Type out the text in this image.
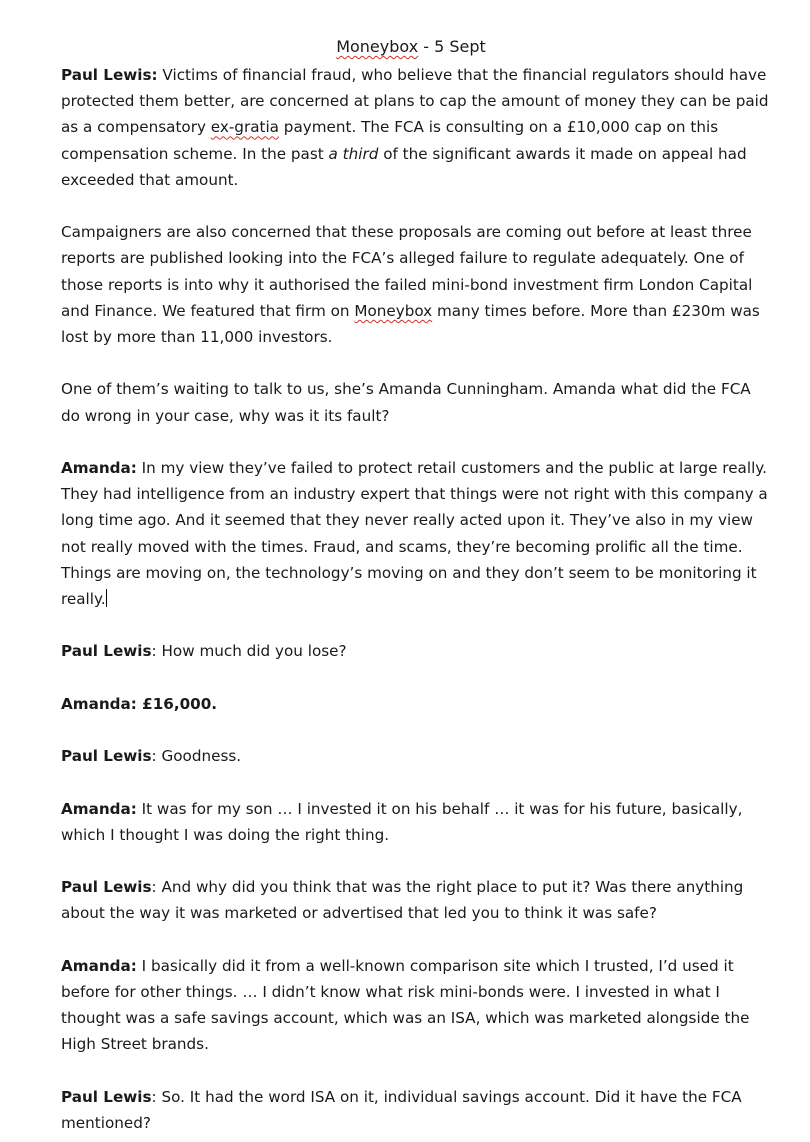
Moneybox - 5 Sept

Paul Lewis: Victims of financial fraud, who believe that the financial regulators should have protected them better, are concerned at plans to cap the amount of money they can be paid as a compensatory ex-gratia payment. The FCA is consulting on a £10,000 cap on this compensation scheme. In the past a third of the significant awards it made on appeal had exceeded that amount.

Campaigners are also concerned that these proposals are coming out before at least three reports are published looking into the FCA’s alleged failure to regulate adequately. One of those reports is into why it authorised the failed mini-bond investment firm London Capital and Finance. We featured that firm on Moneybox many times before. More than £230m was lost by more than 11,000 investors.

One of them’s waiting to talk to us, she’s Amanda Cunningham. Amanda what did the FCA do wrong in your case, why was it its fault?

Amanda: In my view they’ve failed to protect retail customers and the public at large really. They had intelligence from an industry expert that things were not right with this company a long time ago. And it seemed that they never really acted upon it. They’ve also in my view not really moved with the times. Fraud, and scams, they’re becoming prolific all the time. Things are moving on, the technology’s moving on and they don’t seem to be monitoring it really.

Paul Lewis: How much did you lose?

Amanda: £16,000.

Paul Lewis: Goodness.

Amanda: It was for my son … I invested it on his behalf … it was for his future, basically, which I thought I was doing the right thing.

Paul Lewis: And why did you think that was the right place to put it? Was there anything about the way it was marketed or advertised that led you to think it was safe?

Amanda: I basically did it from a well-known comparison site which I trusted, I’d used it before for other things. … I didn’t know what risk mini-bonds were. I invested in what I thought was a safe savings account, which was an ISA, which was marketed alongside the High Street brands.

Paul Lewis: So. It had the word ISA on it, individual savings account. Did it have the FCA mentioned?
